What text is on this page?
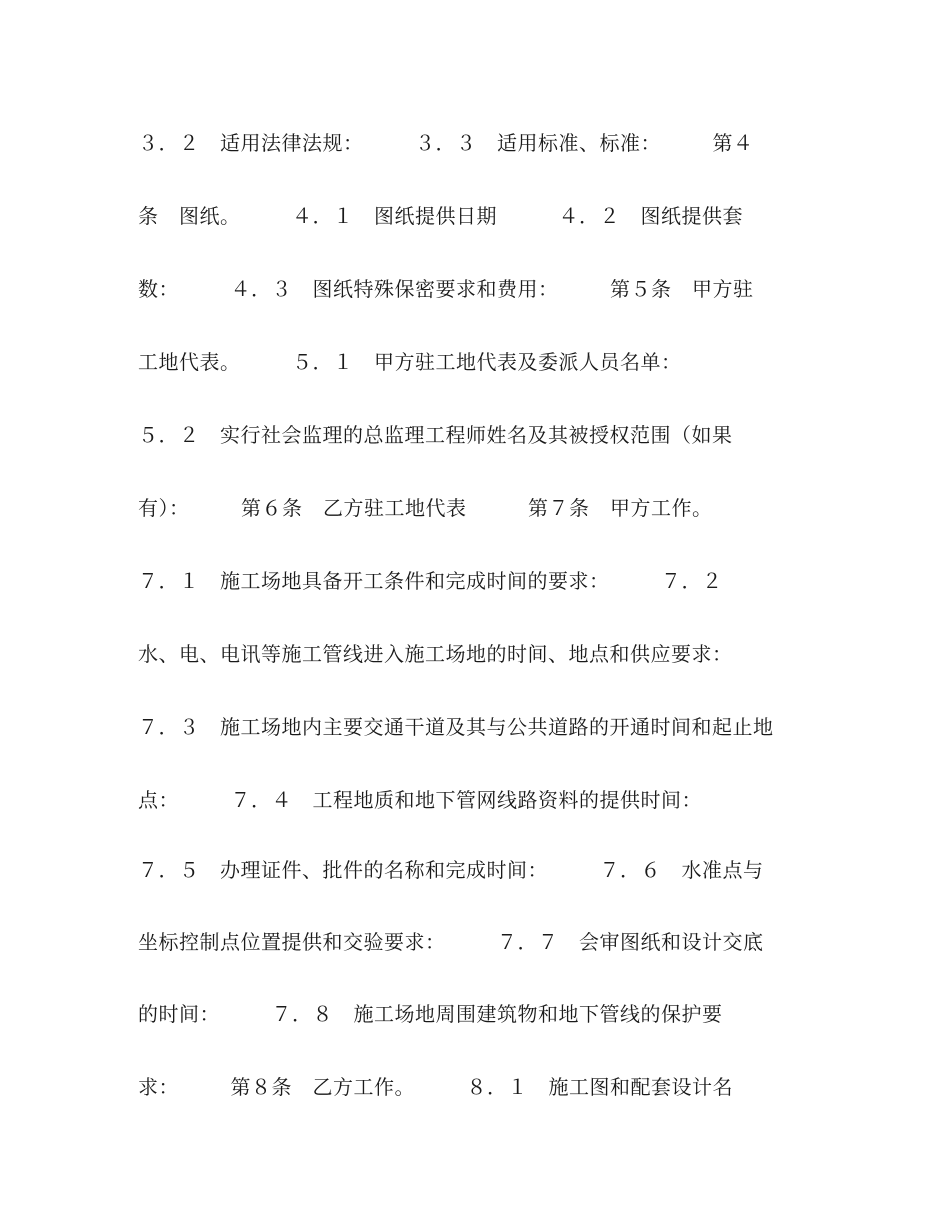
３．２　适用法律法规：　　　３．３　适用标准、标准：　　　第４
条　图纸。　　　４．１　图纸提供日期　　　４．２　图纸提供套
数：　　　４．３　图纸特殊保密要求和费用：　　　第５条　甲方驻
工地代表。　　　５．１　甲方驻工地代表及委派人员名单：
５．２　实行社会监理的总监理工程师姓名及其被授权范围（如果
有）：　　　第６条　乙方驻工地代表　　　第７条　甲方工作。
７．１　施工场地具备开工条件和完成时间的要求：　　　７．２
水、电、电讯等施工管线进入施工场地的时间、地点和供应要求：
７．３　施工场地内主要交通干道及其与公共道路的开通时间和起止地
点：　　　７．４　工程地质和地下管网线路资料的提供时间：
７．５　办理证件、批件的名称和完成时间：　　　７．６　水准点与
坐标控制点位置提供和交验要求：　　　７．７　会审图纸和设计交底
的时间：　　　７．８　施工场地周围建筑物和地下管线的保护要
求：　　　第８条　乙方工作。　　　８．１　施工图和配套设计名
